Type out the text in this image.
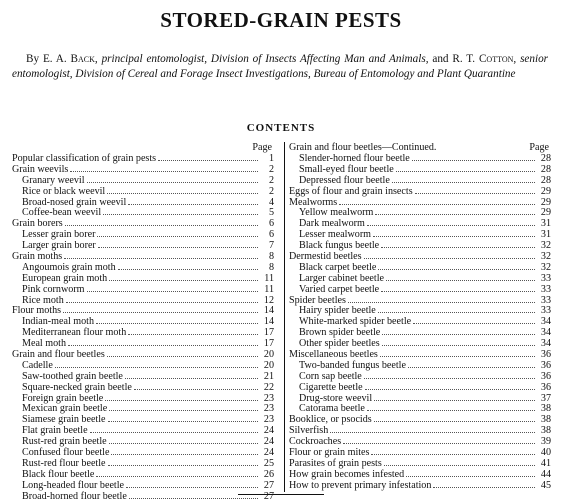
STORED-GRAIN PESTS
By E. A. Back, principal entomologist, Division of Insects Affecting Man and Animals, and R. T. Cotton, senior entomologist, Division of Cereal and Forage Insect Investigations, Bureau of Entomology and Plant Quarantine
CONTENTS
Page
Popular classification of grain pests	1
Grain weevils	2
Granary weevil	2
Rice or black weevil	2
Broad-nosed grain weevil	4
Coffee-bean weevil	5
Grain borers	6
Lesser grain borer	6
Larger grain borer	7
Grain moths	8
Angoumois grain moth	8
European grain moth	11
Pink cornworm	11
Rice moth	12
Flour moths	14
Indian-meal moth	14
Mediterranean flour moth	17
Meal moth	17
Grain and flour beetles	20
Cadelle	20
Saw-toothed grain beetle	21
Square-necked grain beetle	22
Foreign grain beetle	23
Mexican grain beetle	23
Siamese grain beetle	23
Flat grain beetle	24
Rust-red grain beetle	24
Confused flour beetle	24
Rust-red flour beetle	25
Black flour beetle	26
Long-headed flour beetle	27
Broad-horned flour beetle	27
Grain and flour beetles—Continued.	Page
Slender-horned flour beetle	28
Small-eyed flour beetle	28
Depressed flour beetle	28
Eggs of flour and grain insects	29
Mealworms	29
Yellow mealworm	29
Dark mealworm	31
Lesser mealworm	31
Black fungus beetle	32
Dermestid beetles	32
Black carpet beetle	32
Larger cabinet beetle	33
Varied carpet beetle	33
Spider beetles	33
Hairy spider beetle	33
White-marked spider beetle	34
Brown spider beetle	34
Other spider beetles	34
Miscellaneous beetles	36
Two-banded fungus beetle	36
Corn sap beetle	36
Cigarette beetle	36
Drug-store weevil	37
Catorama beetle	38
Booklice, or psocids	38
Silverfish	38
Cockroaches	39
Flour or grain mites	40
Parasites of grain pests	41
How grain becomes infested	44
How to prevent primary infestation	45
